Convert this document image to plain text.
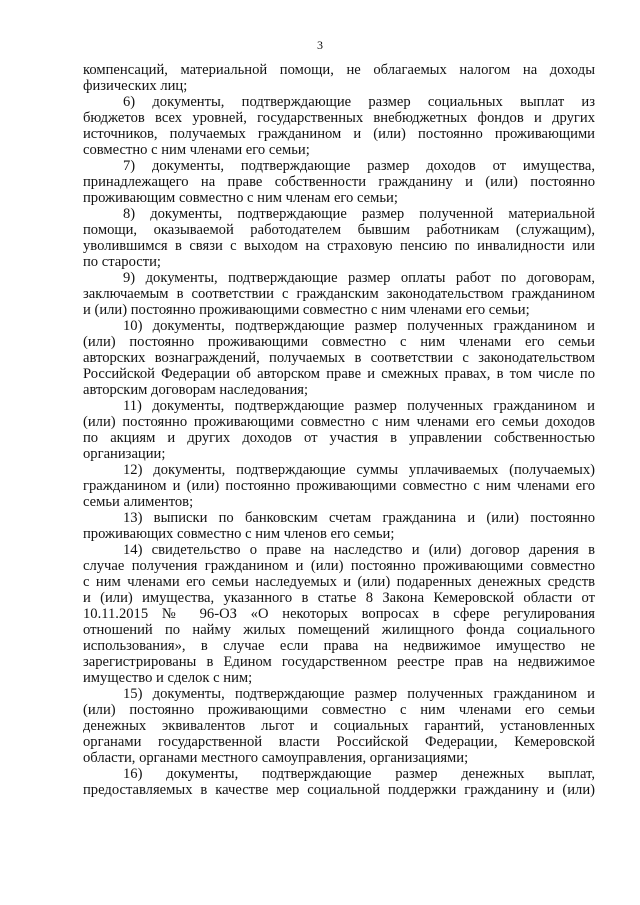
3
компенсаций, материальной помощи, не облагаемых налогом на доходы
физических лиц;
6) документы, подтверждающие размер социальных выплат из
бюджетов всех уровней, государственных внебюджетных фондов и других
источников, получаемых гражданином и (или) постоянно проживающими
совместно с ним членами его семьи;
7) документы, подтверждающие размер доходов от имущества,
принадлежащего на праве собственности гражданину и (или) постоянно
проживающим совместно с ним членам его семьи;
8) документы, подтверждающие размер полученной материальной
помощи, оказываемой работодателем бывшим работникам (служащим),
уволившимся в связи с выходом на страховую пенсию по инвалидности или
по старости;
9) документы, подтверждающие размер оплаты работ по договорам,
заключаемым в соответствии с гражданским законодательством гражданином
и (или) постоянно проживающими совместно с ним членами его семьи;
10) документы, подтверждающие размер полученных гражданином и
(или) постоянно проживающими совместно с ним членами его семьи
авторских вознаграждений, получаемых в соответствии с законодательством
Российской Федерации об авторском праве и смежных правах, в том числе по
авторским договорам наследования;
11) документы, подтверждающие размер полученных гражданином и
(или) постоянно проживающими совместно с ним членами его семьи доходов
по акциям и других доходов от участия в управлении собственностью
организации;
12) документы, подтверждающие суммы уплачиваемых (получаемых)
гражданином и (или) постоянно проживающими совместно с ним членами его
семьи алиментов;
13) выписки по банковским счетам гражданина и (или) постоянно
проживающих совместно с ним членов его семьи;
14) свидетельство о праве на наследство и (или) договор дарения в
случае получения гражданином и (или) постоянно проживающими совместно
с ним членами его семьи наследуемых и (или) подаренных денежных средств
и (или) имущества, указанного в статье 8 Закона Кемеровской области от
10.11.2015 № 96-ОЗ «О некоторых вопросах в сфере регулирования
отношений по найму жилых помещений жилищного фонда социального
использования», в случае если права на недвижимое имущество не
зарегистрированы в Едином государственном реестре прав на недвижимое
имущество и сделок с ним;
15) документы, подтверждающие размер полученных гражданином и
(или) постоянно проживающими совместно с ним членами его семьи
денежных эквивалентов льгот и социальных гарантий, установленных
органами государственной власти Российской Федерации, Кемеровской
области, органами местного самоуправления, организациями;
16) документы, подтверждающие размер денежных выплат,
предоставляемых в качестве мер социальной поддержки гражданину и (или)
